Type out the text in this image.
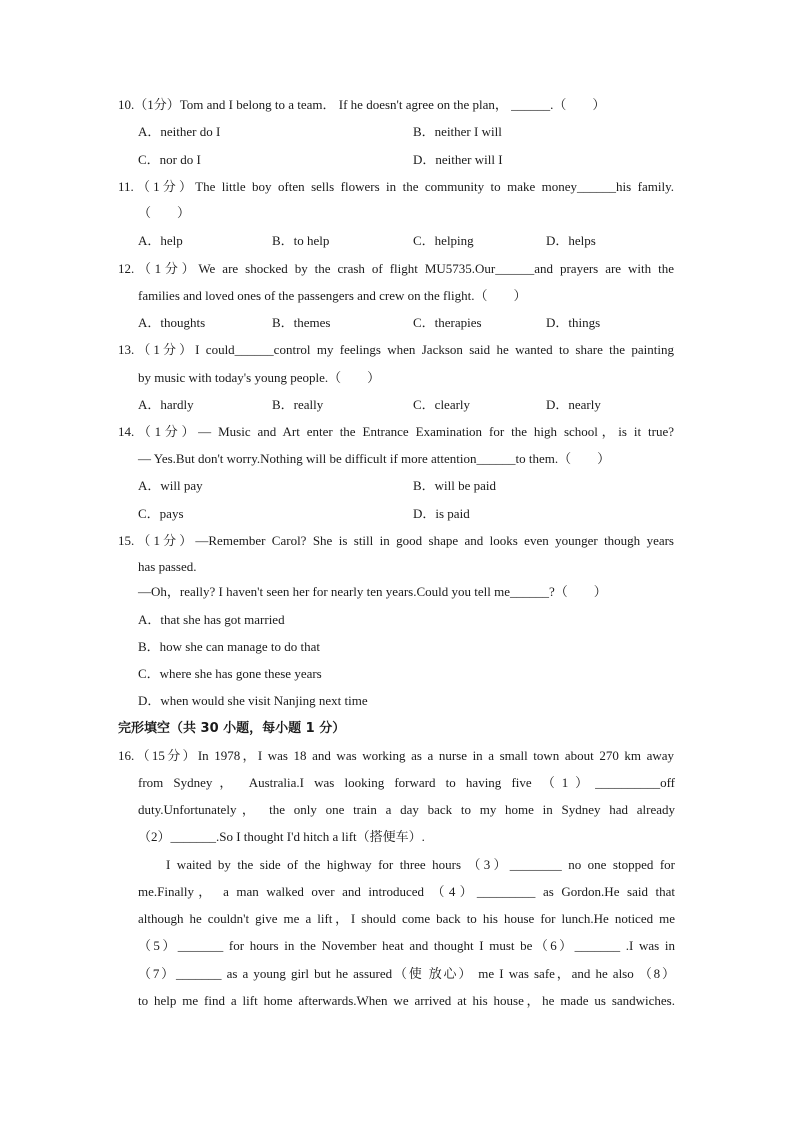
10.（1分）Tom and I belong to a team． If he doesn't agree on the plan， ______.（　　）
A．neither do I	B．neither I will
C．nor do I	D．neither will I
11.（1分）The little boy often sells flowers in the community to make money______his family.
（　　）
A．help	B．to help	C．helping	D．helps
12.（1分）We are shocked by the crash of flight MU5735.Our______and prayers are with the
families and loved ones of the passengers and crew on the flight.（　　）
A．thoughts	B．themes	C．therapies	D．things
13.（1分）I could______control my feelings when Jackson said he wanted to share the painting
by music with today's young people.（　　）
A．hardly	B．really	C．clearly	D．nearly
14.（1分）— Music and Art enter the Entrance Examination for the high school，is it true?
— Yes.But don't worry.Nothing will be difficult if more attention______to them.（　　）
A．will pay	B．will be paid
C．pays	D．is paid
15.（1分）—Remember Carol? She is still in good shape and looks even younger though years
has passed.
—Oh，really? I haven't seen her for nearly ten years.Could you tell me______?（　　）
A．that she has got married
B．how she can manage to do that
C．where she has gone these years
D．when would she visit Nanjing next time
完形填空（共 30 小题，每小题 1 分）
16.（15分）In 1978，I was 18 and was working as a nurse in a small town about 270 km away
from Sydney， Australia.I was looking forward to having five （1）__________off
duty.Unfortunately， the only one train a day back to my home in Sydney had already
（2）_______.So I thought I'd hitch a lift（搭便车）.
I waited by the side of the highway for three hours （3）________ no one stopped for
me.Finally， a man walked over and introduced （4）_________ as Gordon.He said that
although he couldn't give me a lift，I should come back to his house for lunch.He noticed me
（5）_______ for hours in the November heat and thought I must be（6）_______ .I was in
（7）_______ as a young girl but he assured（使 放心） me I was safe，and he also （8）
to help me find a lift home afterwards.When we arrived at his house，he made us sandwiches.
